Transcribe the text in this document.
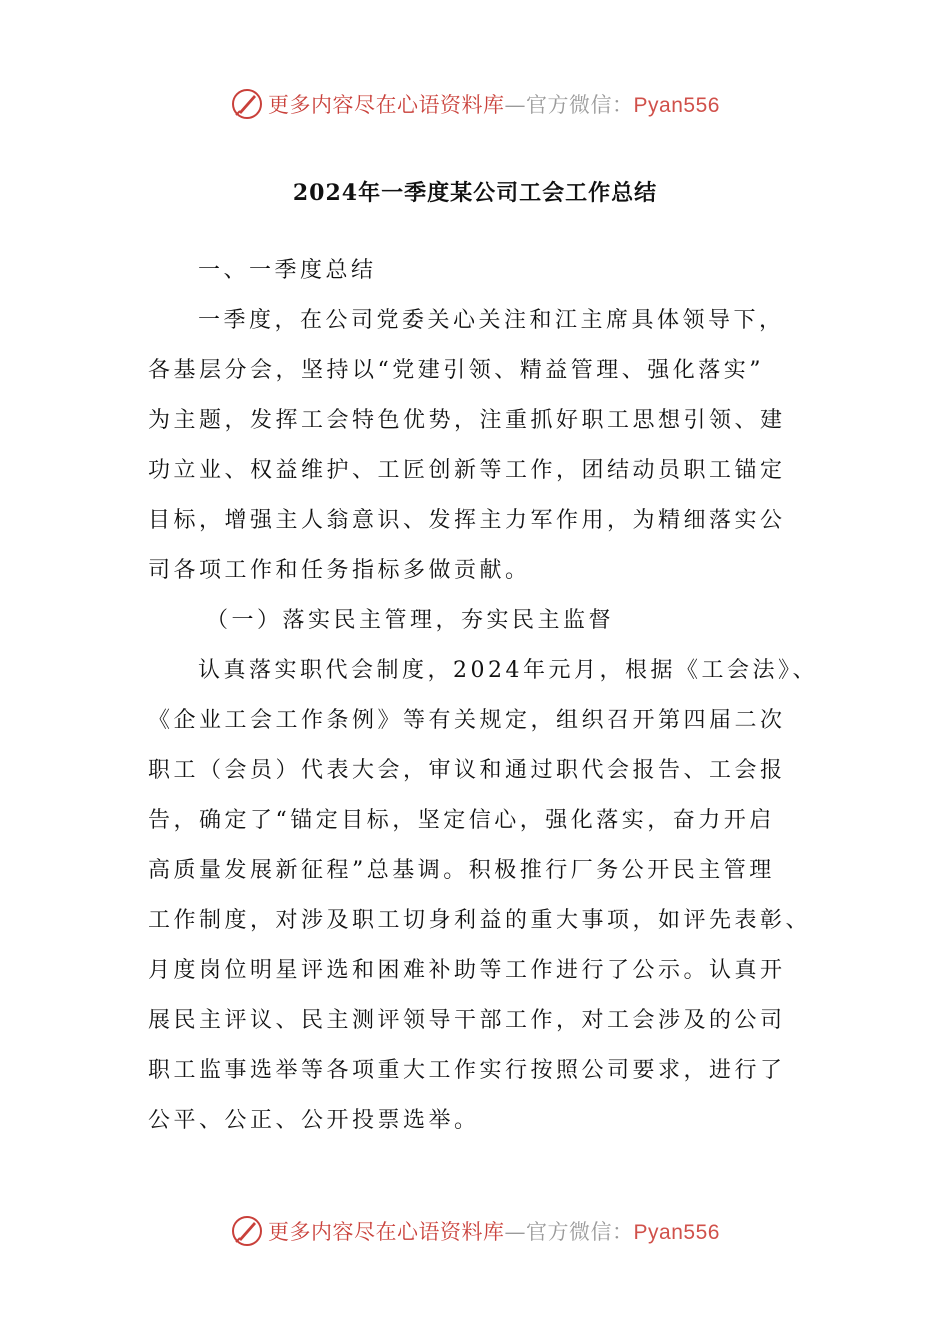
更多内容尽在心语资料库—官方微信：Pyan556
2024年一季度某公司工会工作总结
一、一季度总结
一季度，在公司党委关心关注和江主席具体领导下，
各基层分会，坚持以“党建引领、精益管理、强化落实”
为主题，发挥工会特色优势，注重抓好职工思想引领、建
功立业、权益维护、工匠创新等工作，团结动员职工锚定
目标，增强主人翁意识、发挥主力军作用，为精细落实公
司各项工作和任务指标多做贡献。
（一）落实民主管理，夯实民主监督
认真落实职代会制度，2024年元月，根据《工会法》、
《企业工会工作条例》等有关规定，组织召开第四届二次
职工（会员）代表大会，审议和通过职代会报告、工会报
告，确定了“锚定目标，坚定信心，强化落实，奋力开启
高质量发展新征程”总基调。积极推行厂务公开民主管理
工作制度，对涉及职工切身利益的重大事项，如评先表彰、
月度岗位明星评选和困难补助等工作进行了公示。认真开
展民主评议、民主测评领导干部工作，对工会涉及的公司
职工监事选举等各项重大工作实行按照公司要求，进行了
公平、公正、公开投票选举。
更多内容尽在心语资料库—官方微信：Pyan556
